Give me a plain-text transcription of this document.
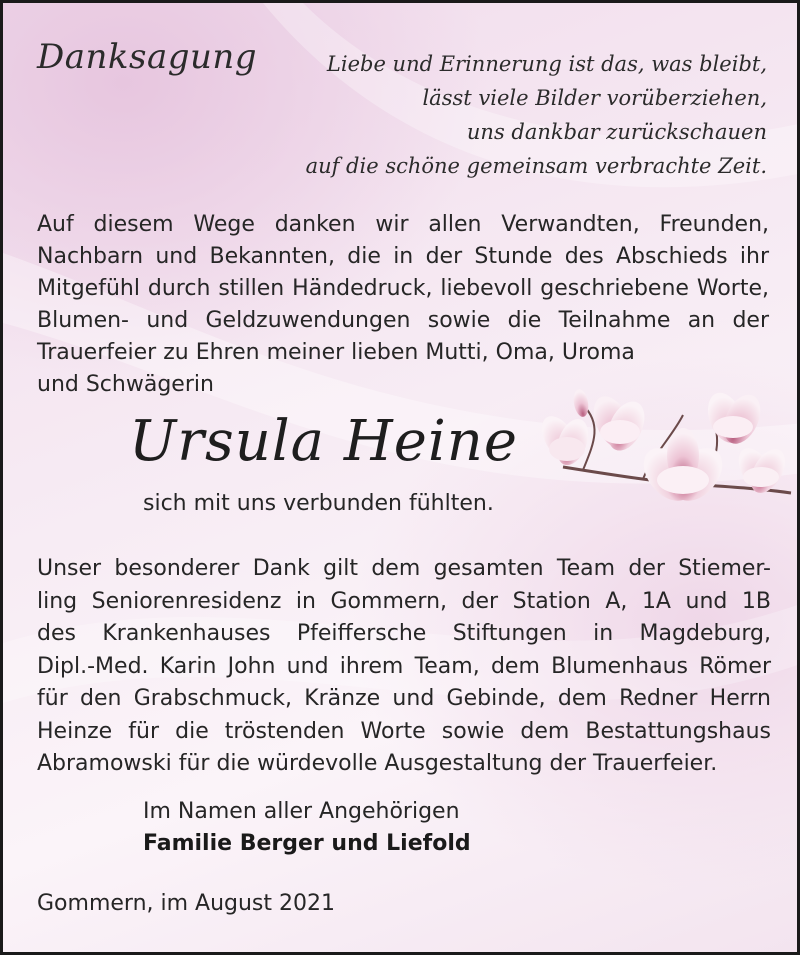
Danksagung	Liebe und Erinnerung ist das, was bleibt,
lässt viele Bilder vorüberziehen,
uns dankbar zurückschauen
auf die schöne gemeinsam verbrachte Zeit.
Auf diesem Wege danken wir allen Verwandten, Freunden, Nachbarn und Bekannten, die in der Stunde des Abschieds ihr Mitgefühl durch stillen Händedruck, liebevoll geschriebene Worte, Blumen- und Geldzuwendungen sowie die Teilnahme an der Trauerfeier zu Ehren meiner lieben Mutti, Oma, Uroma
und Schwägerin
Ursula Heine
sich mit uns verbunden fühlten.
Unser besonderer Dank gilt dem gesamten Team der Stiemer-
ling Seniorenresidenz in Gommern, der Station A, 1A und 1B
des Krankenhauses Pfeiffersche Stiftungen in Magdeburg,
Dipl.-Med. Karin John und ihrem Team, dem Blumenhaus Römer
für den Grabschmuck, Kränze und Gebinde, dem Redner Herrn
Heinze für die tröstenden Worte sowie dem Bestattungshaus
Abramowski für die würdevolle Ausgestaltung der Trauerfeier.
Im Namen aller Angehörigen
Familie Berger und Liefold
Gommern, im August 2021
